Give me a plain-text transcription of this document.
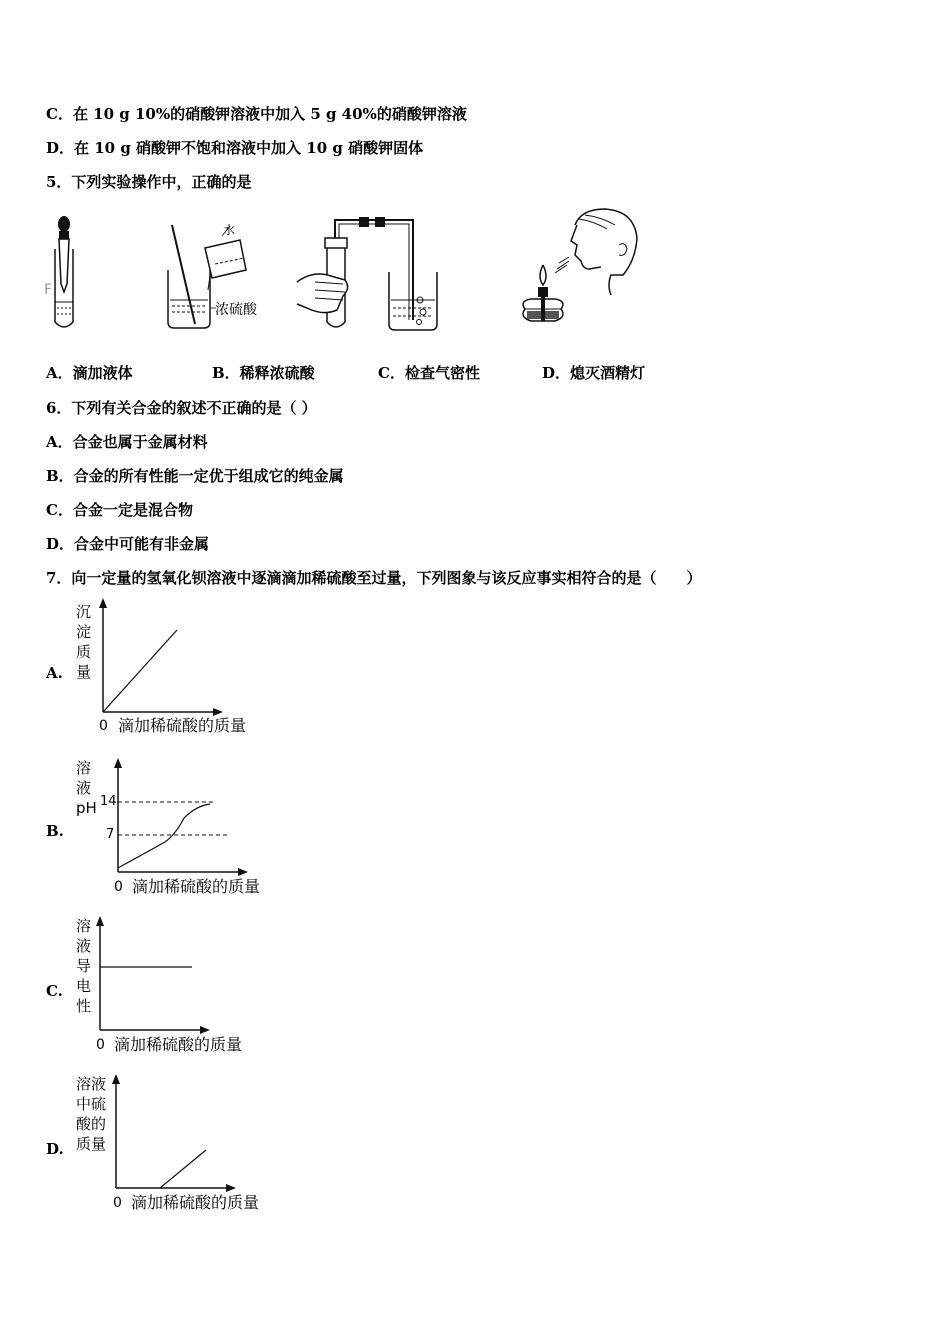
C．在 10 g 10%的硝酸钾溶液中加入 5 g 40%的硝酸钾溶液
D．在 10 g 硝酸钾不饱和溶液中加入 10 g 硝酸钾固体
5．下列实验操作中，正确的是
F
水
浓硫酸
A．滴加液体	B．稀释浓硫酸	C．检查气密性	D．熄灭酒精灯
6．下列有关合金的叙述不正确的是（ ）
A．合金也属于金属材料
B．合金的所有性能一定优于组成它的纯金属
C．合金一定是混合物
D．合金中可能有非金属
7．向一定量的氢氧化钡溶液中逐滴滴加稀硫酸至过量，下列图象与该反应事实相符合的是（　　）
A.
沉
淀
质
量
0 滴加稀硫酸的质量
B.
溶
液
pH 14
7
0 滴加稀硫酸的质量
C.
溶
液
导
电
性
0 滴加稀硫酸的质量
D.
溶液
中硫
酸的
质量
0 滴加稀硫酸的质量
